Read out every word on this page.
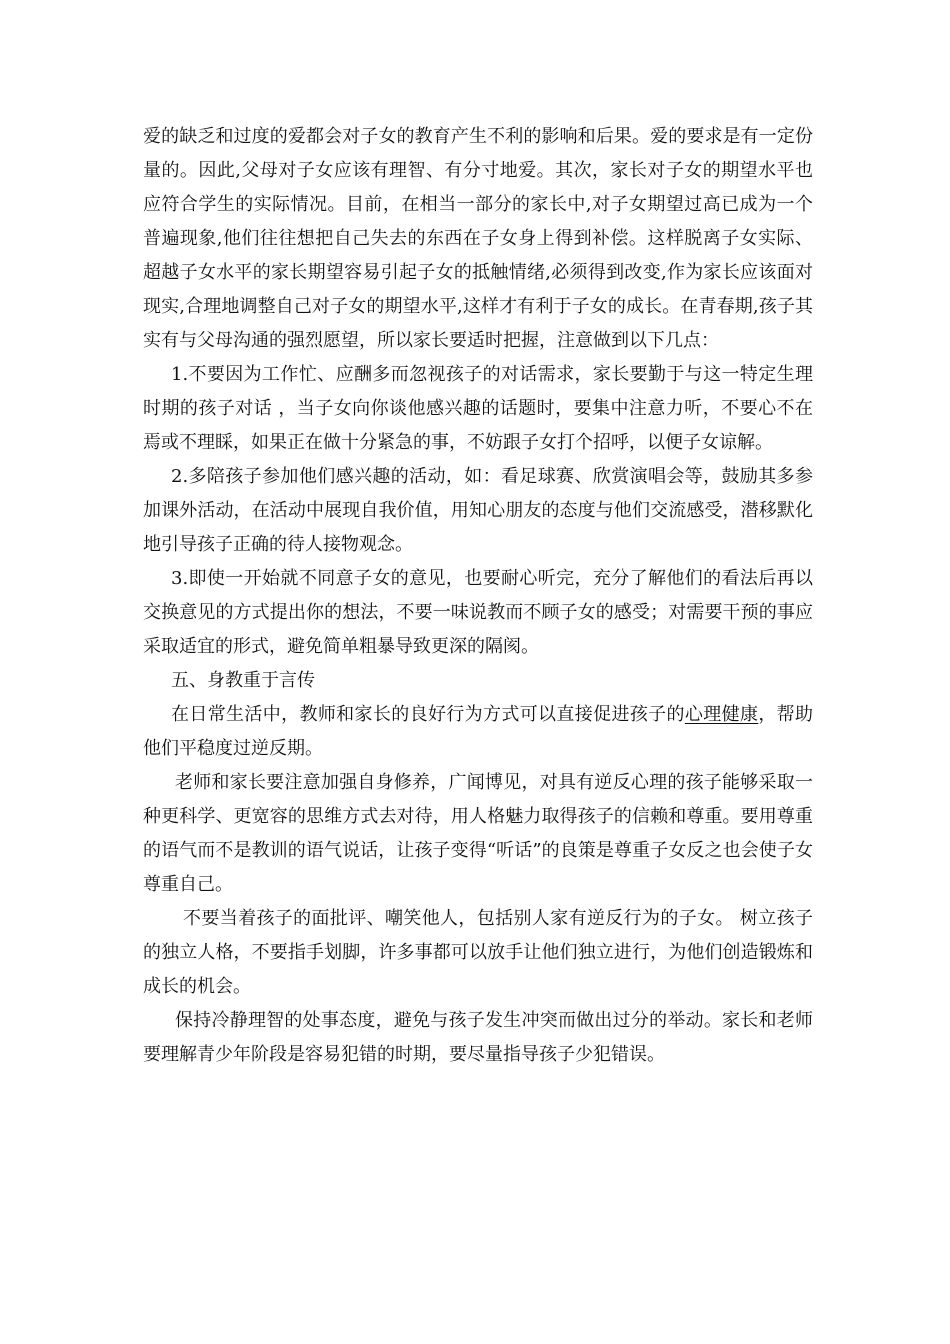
爱的缺乏和过度的爱都会对子女的教育产生不利的影响和后果。爱的要求是有一定份量的。因此,父母对子女应该有理智、有分寸地爱。其次，家长对子女的期望水平也应符合学生的实际情况。目前，在相当一部分的家长中,对子女期望过高已成为一个普遍现象,他们往往想把自己失去的东西在子女身上得到补偿。这样脱离子女实际、超越子女水平的家长期望容易引起子女的抵触情绪,必须得到改变,作为家长应该面对现实,合理地调整自己对子女的期望水平,这样才有利于子女的成长。在青春期,孩子其实有与父母沟通的强烈愿望，所以家长要适时把握，注意做到以下几点：

1.不要因为工作忙、应酬多而忽视孩子的对话需求，家长要勤于与这一特定生理时期的孩子对话 ，当子女向你谈他感兴趣的话题时，要集中注意力听，不要心不在焉或不理睬，如果正在做十分紧急的事，不妨跟子女打个招呼，以便子女谅解。

2.多陪孩子参加他们感兴趣的活动，如：看足球赛、欣赏演唱会等，鼓励其多参加课外活动，在活动中展现自我价值，用知心朋友的态度与他们交流感受，潜移默化地引导孩子正确的待人接物观念。

3.即使一开始就不同意子女的意见，也要耐心听完，充分了解他们的看法后再以交换意见的方式提出你的想法，不要一味说教而不顾子女的感受；对需要干预的事应采取适宜的形式，避免简单粗暴导致更深的隔阂。

五、身教重于言传

在日常生活中，教师和家长的良好行为方式可以直接促进孩子的心理健康，帮助他们平稳度过逆反期。

老师和家长要注意加强自身修养，广闻博见，对具有逆反心理的孩子能够采取一种更科学、更宽容的思维方式去对待，用人格魅力取得孩子的信赖和尊重。要用尊重的语气而不是教训的语气说话，让孩子变得“听话”的良策是尊重子女反之也会使子女尊重自己。

不要当着孩子的面批评、嘲笑他人，包括别人家有逆反行为的子女。 树立孩子的独立人格，不要指手划脚，许多事都可以放手让他们独立进行，为他们创造锻炼和成长的机会。

保持冷静理智的处事态度，避免与孩子发生冲突而做出过分的举动。家长和老师要理解青少年阶段是容易犯错的时期，要尽量指导孩子少犯错误。
